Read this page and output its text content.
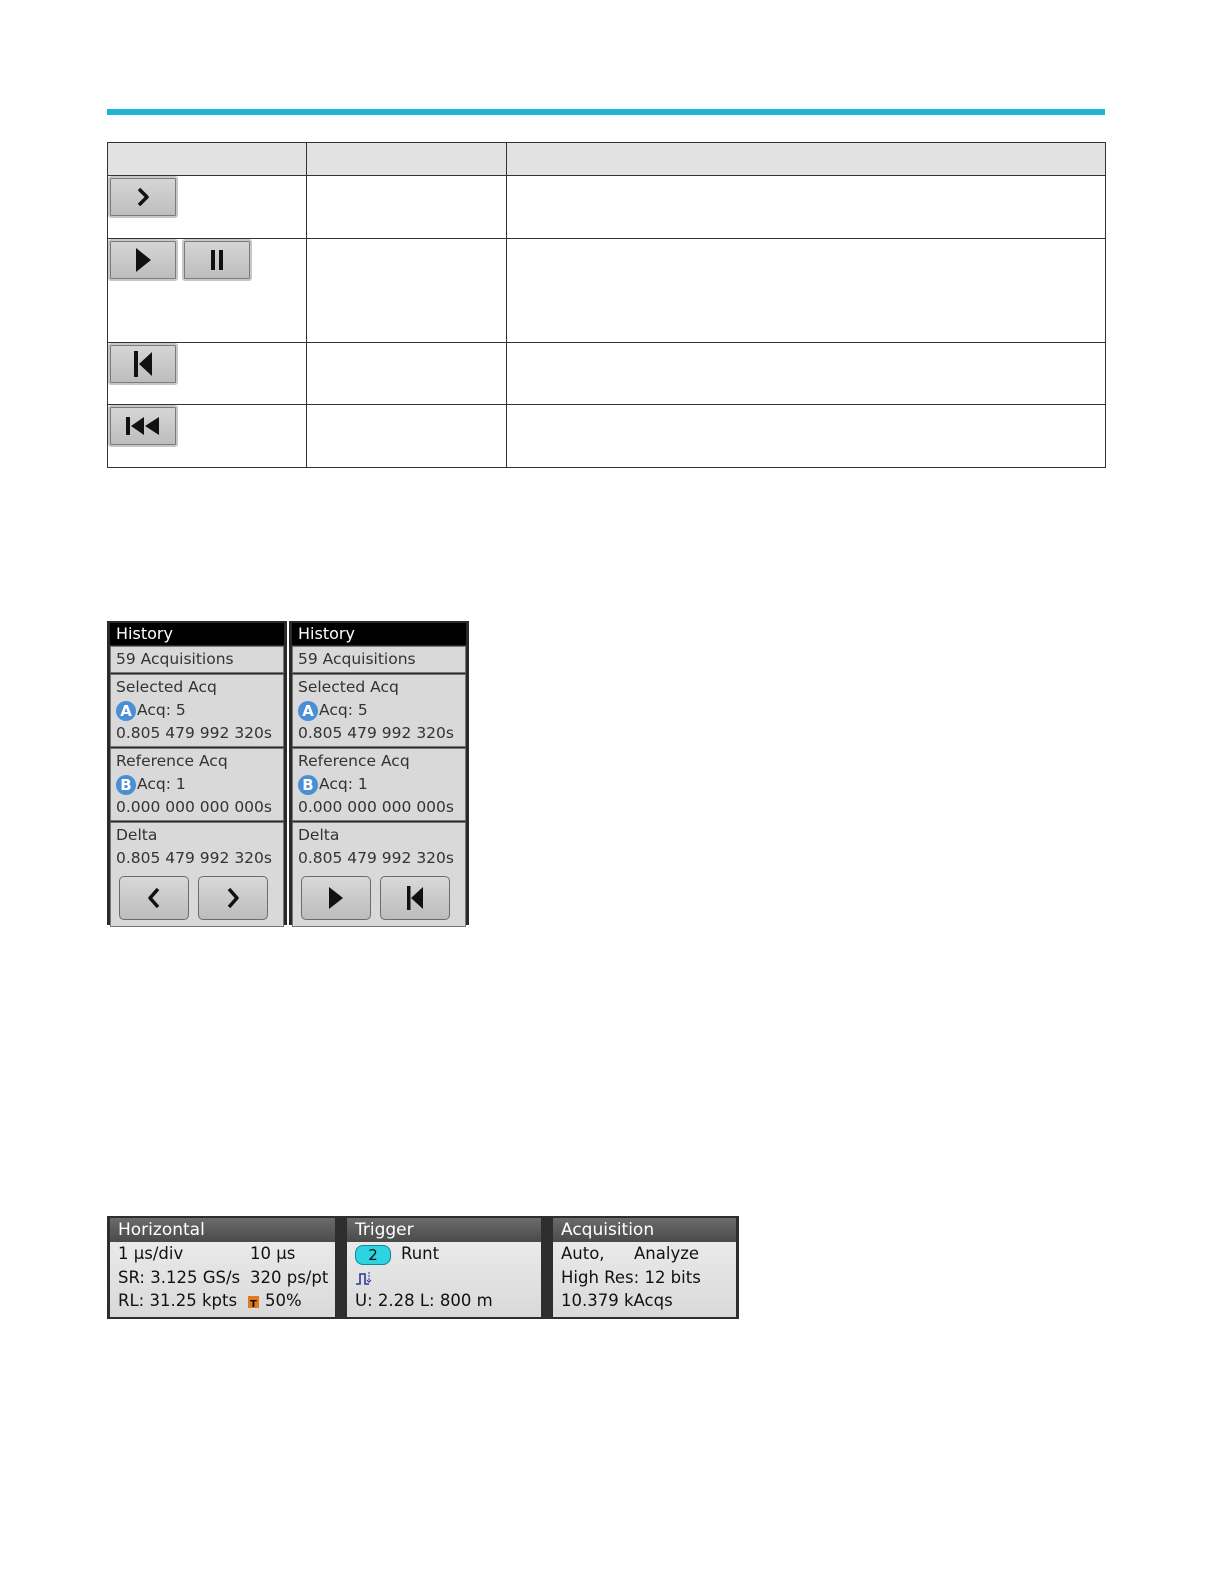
History
59 Acquisitions
Selected Acq
A Acq: 5
0.805 479 992 320s
Reference Acq
B Acq: 1
0.000 000 000 000s
Delta
0.805 479 992 320s
History
59 Acquisitions
Selected Acq
A Acq: 5
0.805 479 992 320s
Reference Acq
B Acq: 1
0.000 000 000 000s
Delta
0.805 479 992 320s
Horizontal
1 µs/div	10 µs
SR: 3.125 GS/s 320 ps/pt
RL: 31.25 kpts
T	50%
Trigger
2 Runt
U: 2.28 L: 800 m
Acquisition
Auto, Analyze
High Res: 12 bits
10.379 kAcqs
